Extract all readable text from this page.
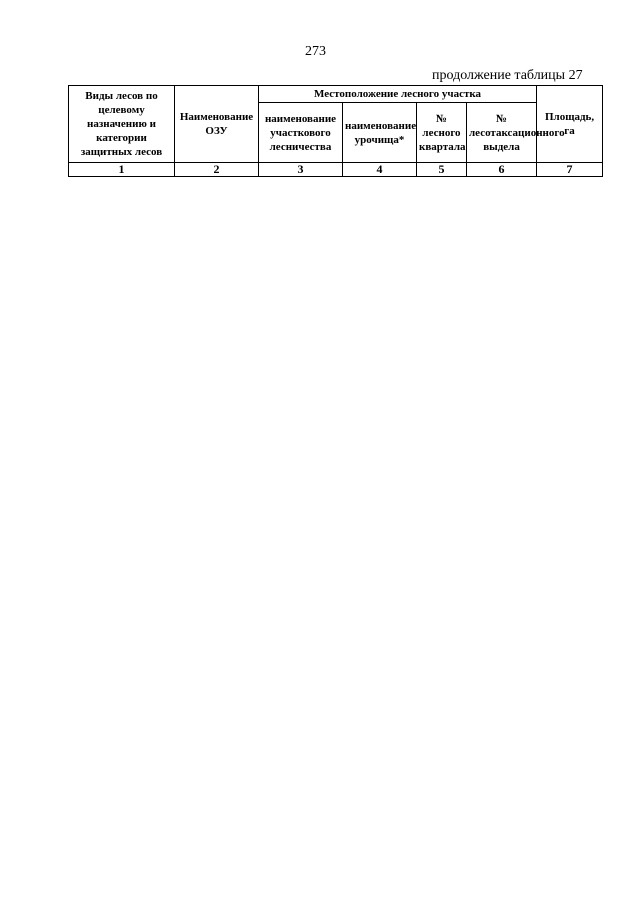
273
продолжение таблицы 27
Виды лесов по целевому назначению и категории защитных лесов	Наименование ОЗУ	Местоположение лесного участка				Площадь, га
		наименование участкового лесничества	наименование урочища*	№ лесного квартала	№ лесотаксационного выдела	
1	2	3	4	5	6	7
